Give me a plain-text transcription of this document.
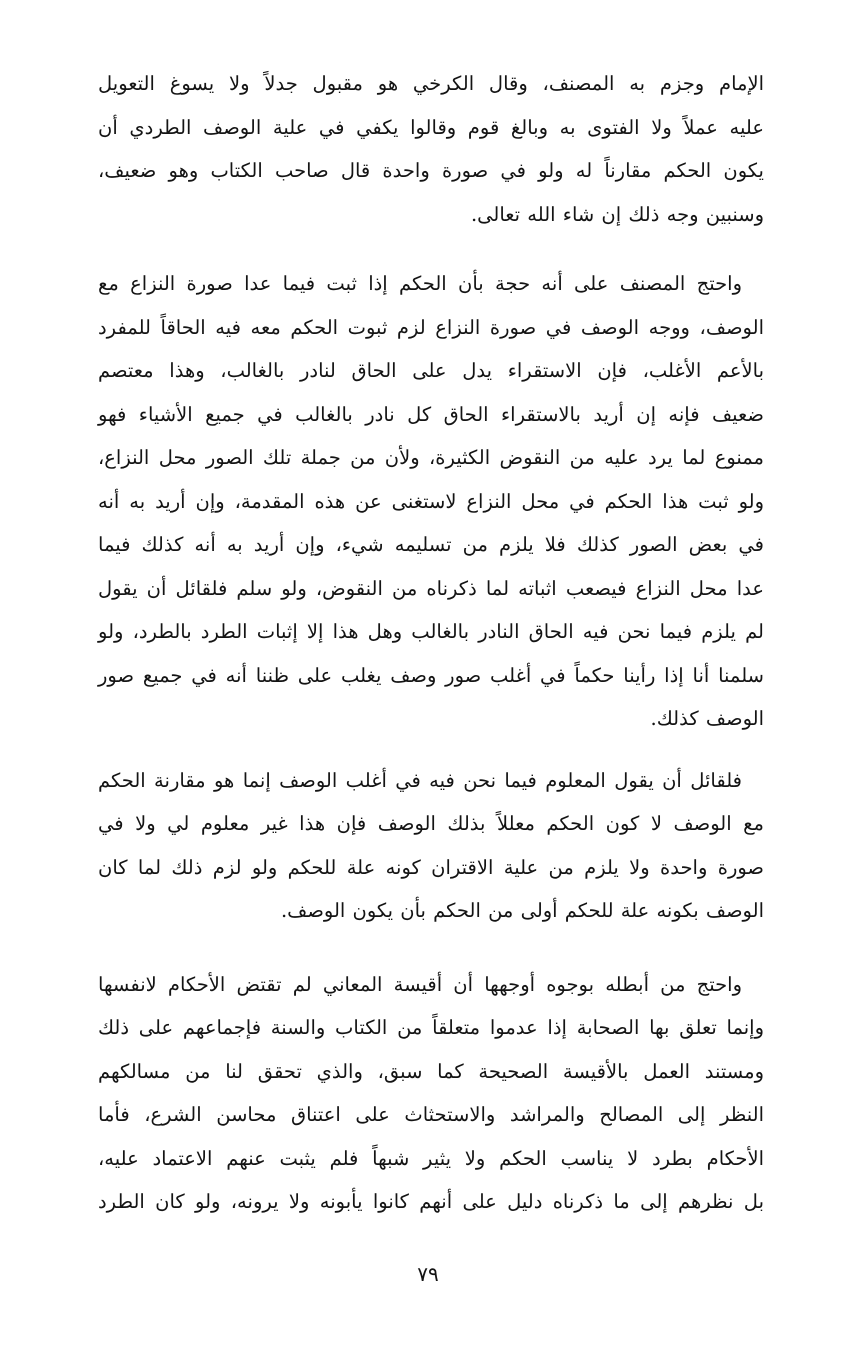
الإمام وجزم به المصنف، وقال الكرخي هو مقبول جدلاً ولا يسوغ التعويل
عليه عملاً ولا الفتوى به وبالغ قوم وقالوا يكفي في علية الوصف الطردي أن
يكون الحكم مقارناً له ولو في صورة واحدة قال صاحب الكتاب وهو ضعيف،
وسنبين وجه ذلك إن شاء الله تعالى.

واحتج المصنف على أنه حجة بأن الحكم إذا ثبت فيما عدا صورة النزاع مع
الوصف، ووجه الوصف في صورة النزاع لزم ثبوت الحكم معه فيه الحاقاً للمفرد
بالأعم الأغلب، فإن الاستقراء يدل على الحاق لنادر بالغالب، وهذا معتصم
ضعيف فإنه إن أريد بالاستقراء الحاق كل نادر بالغالب في جميع الأشياء فهو
ممنوع لما يرد عليه من النقوض الكثيرة، ولأن من جملة تلك الصور محل النزاع،
ولو ثبت هذا الحكم في محل النزاع لاستغنى عن هذه المقدمة، وإن أريد به أنه
في بعض الصور كذلك فلا يلزم من تسليمه شيء، وإن أريد به أنه كذلك فيما
عدا محل النزاع فيصعب اثباته لما ذكرناه من النقوض، ولو سلم فلقائل أن يقول
لم يلزم فيما نحن فيه الحاق النادر بالغالب وهل هذا إلا إثبات الطرد بالطرد، ولو
سلمنا أنا إذا رأينا حكماً في أغلب صور وصف يغلب على ظننا أنه في جميع صور
الوصف كذلك.

فلقائل أن يقول المعلوم فيما نحن فيه في أغلب الوصف إنما هو مقارنة الحكم
مع الوصف لا كون الحكم معللاً بذلك الوصف فإن هذا غير معلوم لي ولا في
صورة واحدة ولا يلزم من علية الاقتران كونه علة للحكم ولو لزم ذلك لما كان
الوصف بكونه علة للحكم أولى من الحكم بأن يكون الوصف.

واحتج من أبطله بوجوه أوجهها أن أقيسة المعاني لم تقتض الأحكام لانفسها
وإنما تعلق بها الصحابة إذا عدموا متعلقاً من الكتاب والسنة فإجماعهم على ذلك
ومستند العمل بالأقيسة الصحيحة كما سبق، والذي تحقق لنا من مسالكهم
النظر إلى المصالح والمراشد والاستحثاث على اعتناق محاسن الشرع، فأما
الأحكام بطرد لا يناسب الحكم ولا يثير شبهاً فلم يثبت عنهم الاعتماد عليه،
بل نظرهم إلى ما ذكرناه دليل على أنهم كانوا يأبونه ولا يرونه، ولو كان الطرد

٧٩
